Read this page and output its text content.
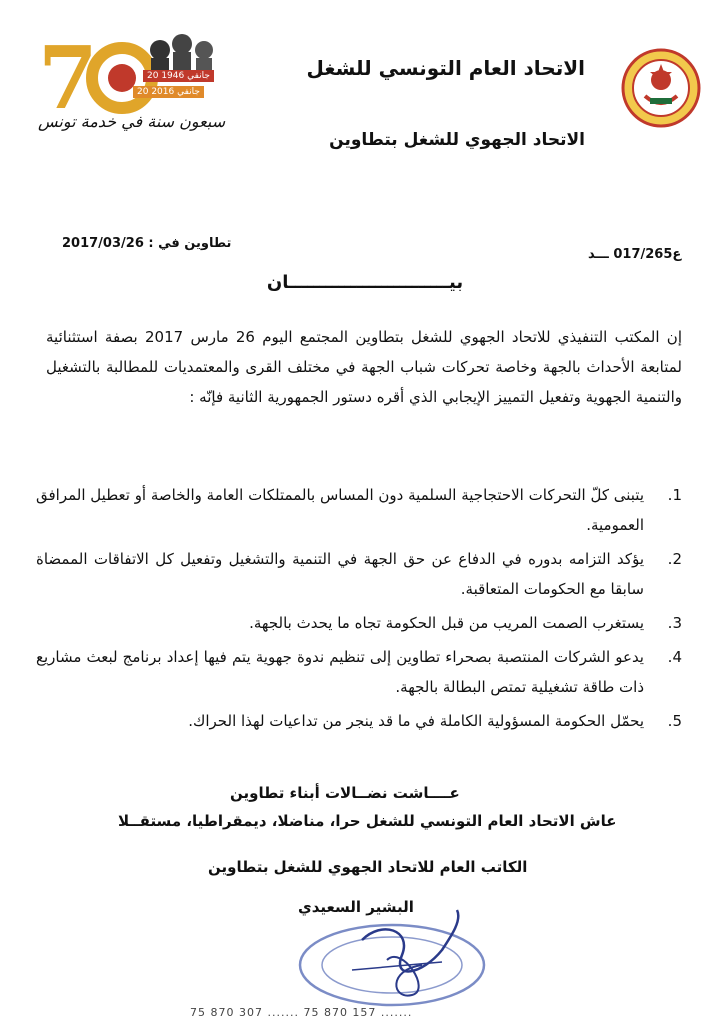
الاتحاد العام التونسي للشغل
الاتحاد الجهوي للشغل بتطاوين
7	20 جانفي 1946
20 جانفي 2016
سبعون سنة في خدمة تونس
ع017/265 ـــد
تطاوين في : 2017/03/26
بيــــــــــــــــــــــــــان
إن المكتب التنفيذي للاتحاد الجهوي للشغل بتطاوين المجتمع اليوم 26 مارس 2017 بصفة استثنائية لمتابعة الأحداث بالجهة وخاصة تحركات شباب الجهة في مختلف القرى والمعتمديات للمطالبة بالتشغيل والتنمية الجهوية وتفعيل التمييز الإيجابي الذي أقره دستور الجمهورية الثانية فإنّه :
1.
يتبنى كلّ التحركات الاحتجاجية السلمية دون المساس بالممتلكات العامة والخاصة أو تعطيل المرافق العمومية.
2.
يؤكد التزامه بدوره في الدفاع عن حق الجهة في التنمية والتشغيل وتفعيل كل الاتفاقات الممضاة سابقا مع الحكومات المتعاقبة.
3.
يستغرب الصمت المريب من قبل الحكومة تجاه ما يحدث بالجهة.
4.
يدعو الشركات المنتصبة بصحراء تطاوين إلى تنظيم ندوة جهوية يتم فيها إعداد برنامج لبعث مشاريع ذات طاقة تشغيلية تمتص البطالة بالجهة.
5.
يحمّل الحكومة المسؤولية الكاملة في ما قد ينجر من تداعيات لهذا الحراك.
عــــاشت نضــالات أبناء تطاوين
عاش الاتحاد العام التونسي للشغل حرا، مناضلا، ديمقراطيا، مستقــلا
الكاتب العام للاتحاد الجهوي للشغل بتطاوين
البشير السعيدي
75 870 307 ....... 75 870 157 .......
